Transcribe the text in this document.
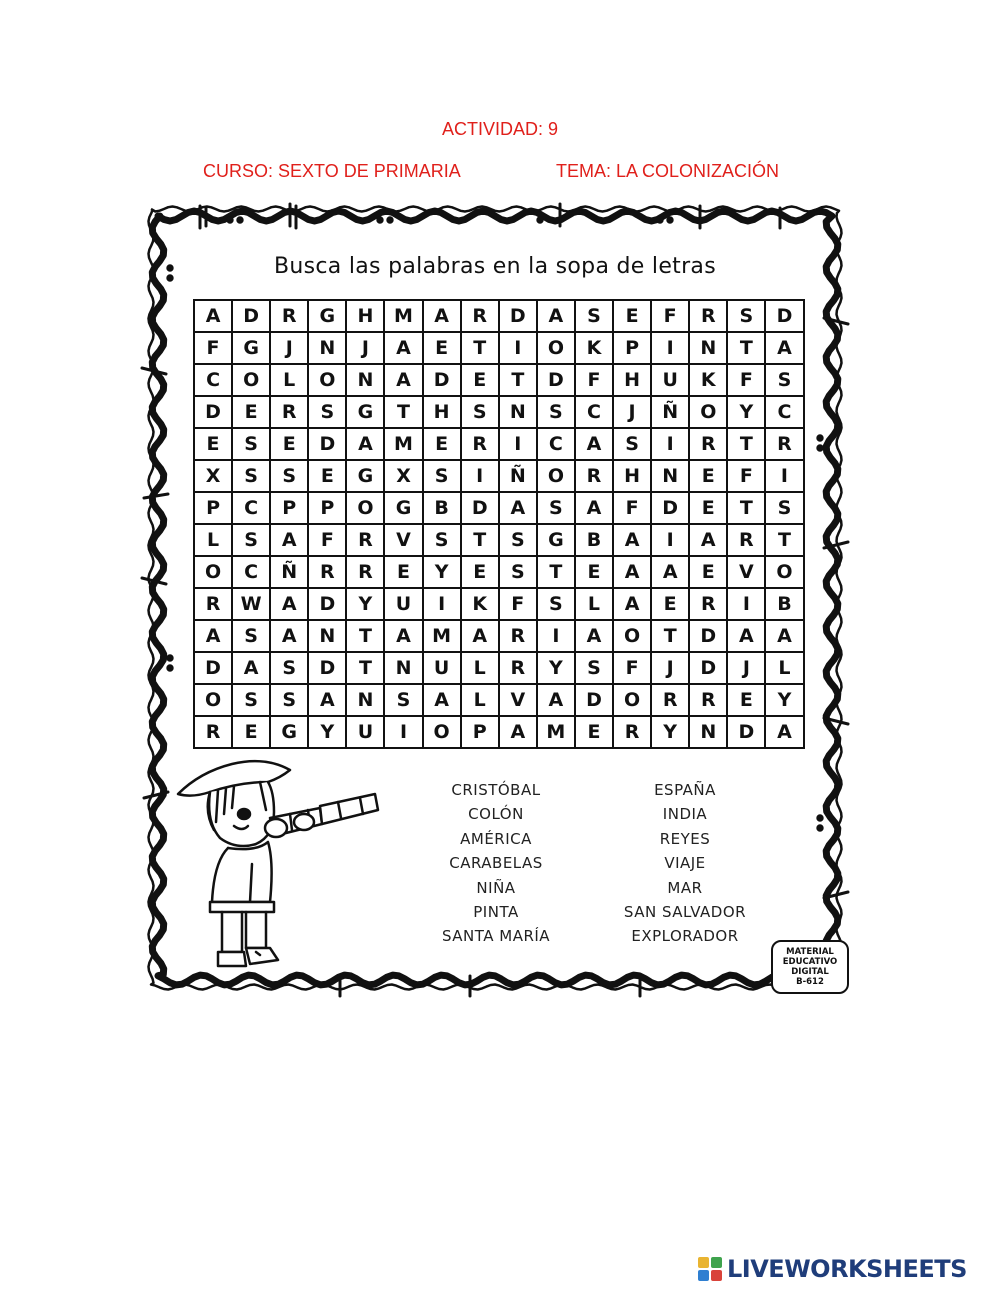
ACTIVIDAD: 9
CURSO: SEXTO DE PRIMARIA	TEMA: LA COLONIZACIÓN
Busca las palabras en la sopa de letras
A	D	R	G	H	M	A	R	D	A	S	E	F	R	S	D
F	G	J	N	J	A	E	T	I	O	K	P	I	N	T	A
C	O	L	O	N	A	D	E	T	D	F	H	U	K	F	S
D	E	R	S	G	T	H	S	N	S	C	J	Ñ	O	Y	C
E	S	E	D	A	M	E	R	I	C	A	S	I	R	T	R
X	S	S	E	G	X	S	I	Ñ	O	R	H	N	E	F	I
P	C	P	P	O	G	B	D	A	S	A	F	D	E	T	S
L	S	A	F	R	V	S	T	S	G	B	A	I	A	R	T
O	C	Ñ	R	R	E	Y	E	S	T	E	A	A	E	V	O
R	W	A	D	Y	U	I	K	F	S	L	A	E	R	I	B
A	S	A	N	T	A	M	A	R	I	A	O	T	D	A	A
D	A	S	D	T	N	U	L	R	Y	S	F	J	D	J	L
O	S	S	A	N	S	A	L	V	A	D	O	R	R	E	Y
R	E	G	Y	U	I	O	P	A	M	E	R	Y	N	D	A
CRISTÓBAL
COLÓN
AMÉRICA
CARABELAS
NIÑA
PINTA
SANTA MARÍA
ESPAÑA
INDIA
REYES
VIAJE
MAR
SAN SALVADOR
EXPLORADOR
MATERIAL
EDUCATIVO
DIGITAL
B-612
LIVEWORKSHEETS
